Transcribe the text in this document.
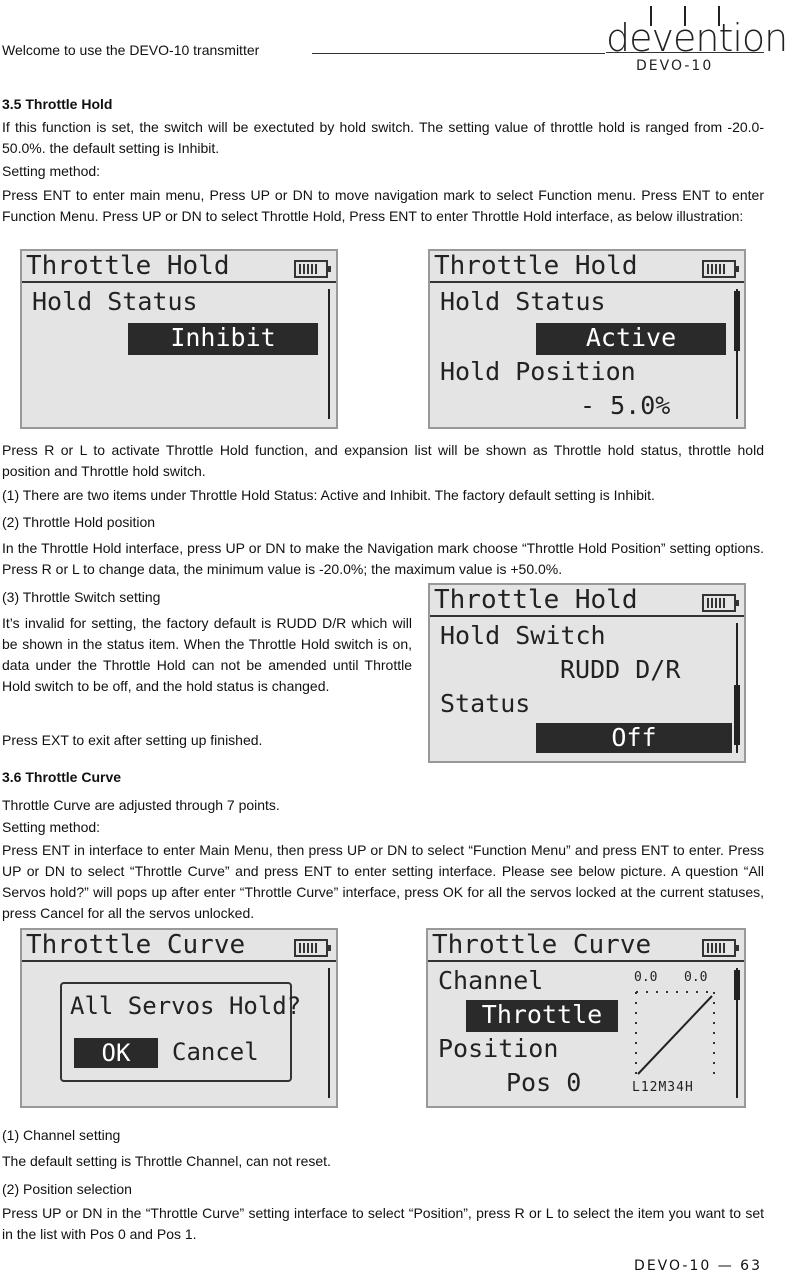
Welcome to use the DEVO-10 transmitter	devention
DEVO-10

3.5 Throttle Hold

If this function is set, the switch will be exectuted by hold switch. The setting value of throttle hold is ranged from -20.0-50.0%. the default setting is Inhibit.

Setting method:

Press ENT to enter main menu, Press UP or DN to move navigation mark to select Function menu. Press ENT to enter Function Menu. Press UP or DN to select Throttle Hold, Press ENT to enter Throttle Hold interface, as below illustration:

Throttle Hold
Hold Status
Inhibit
Throttle Hold
Hold Status
Active
Hold Position
- 5.0%

Press R or L to activate Throttle Hold function, and expansion list will be shown as Throttle hold status, throttle hold position and Throttle hold switch.

(1) There are two items under Throttle Hold Status: Active and Inhibit. The factory default setting is Inhibit.

(2) Throttle Hold position

In the Throttle Hold interface, press UP or DN to make the Navigation mark choose “Throttle Hold Position” setting options. Press R or L to change data, the minimum value is -20.0%; the maximum value is +50.0%.

(3) Throttle Switch setting

It’s invalid for setting, the factory default is RUDD D/R which will be shown in the status item. When the Throttle Hold switch is on, data under the Throttle Hold can not be amended until Throttle Hold switch to be off, and the hold status is changed.

Press EXT to exit after setting up finished.

Throttle Hold
Hold Switch
RUDD D/R
Status
Off

3.6 Throttle Curve

Throttle Curve are adjusted through 7 points.

Setting method:

Press ENT in interface to enter Main Menu, then press UP or DN to select “Function Menu” and press ENT to enter. Press UP or DN to select “Throttle Curve” and press ENT to enter setting interface. Please see below picture. A question “All Servos hold?” will pops up after enter “Throttle Curve” interface, press OK for all the servos locked at the current statuses, press Cancel for all the servos unlocked.

Throttle Curve
All Servos Hold?
OK	Cancel
Throttle Curve
Channel
Throttle
Position
Pos 0
0.0 0.0
L12M34H

(1) Channel setting

The default setting is Throttle Channel, can not reset.

(2) Position selection

Press UP or DN in the “Throttle Curve” setting interface to select “Position”, press R or L to select the item you want to set in the list with Pos 0 and Pos 1.

DEVO-10 — 63
